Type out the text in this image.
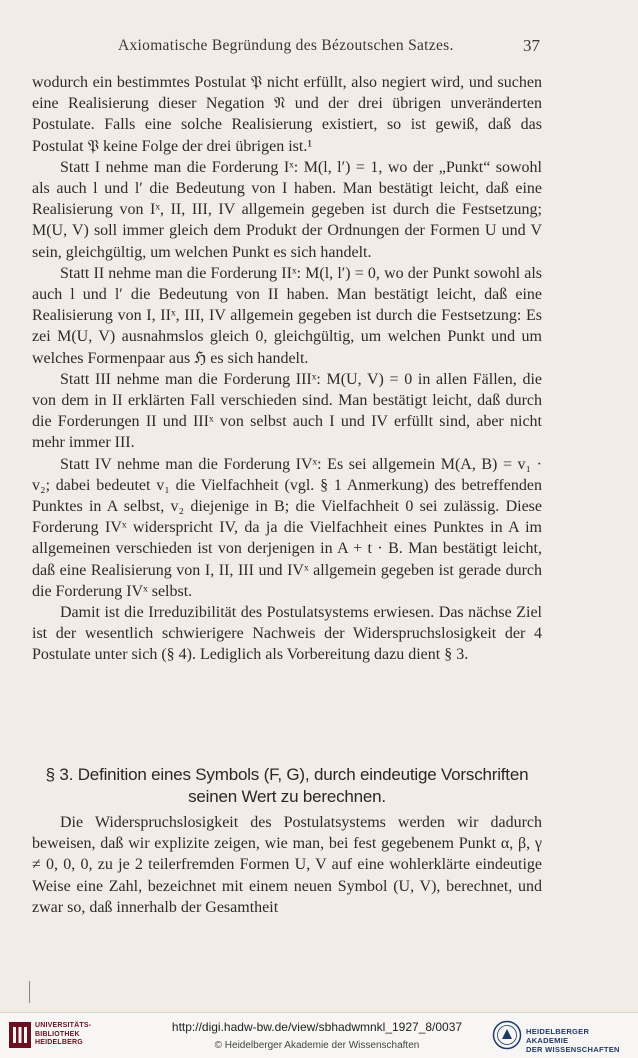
Axiomatische Begründung des Bézoutschen Satzes.	37

wodurch ein bestimmtes Postulat 𝔓 nicht erfüllt, also negiert wird, und suchen eine Realisierung dieser Negation 𝔑 und der drei übrigen unveränderten Postulate. Falls eine solche Realisierung existiert, so ist gewiß, daß das Postulat 𝔓 keine Folge der drei übrigen ist.¹

Statt I nehme man die Forderung Iˣ: M(l, l′) = 1, wo der „Punkt“ sowohl als auch l und l′ die Bedeutung von I haben. Man bestätigt leicht, daß eine Realisierung von Iˣ, II, III, IV allgemein gegeben ist durch die Festsetzung; M(U, V) soll immer gleich dem Produkt der Ordnungen der Formen U und V sein, gleichgültig, um welchen Punkt es sich handelt.

Statt II nehme man die Forderung IIˣ: M(l, l′) = 0, wo der Punkt sowohl als auch l und l′ die Bedeutung von II haben. Man bestätigt leicht, daß eine Realisierung von I, IIˣ, III, IV allgemein gegeben ist durch die Festsetzung: Es zei M(U, V) ausnahmslos gleich 0, gleichgültig, um welchen Punkt und um welches Formenpaar aus ℌ es sich handelt.

Statt III nehme man die Forderung IIIˣ: M(U, V) = 0 in allen Fällen, die von dem in II erklärten Fall verschieden sind. Man bestätigt leicht, daß durch die Forderungen II und IIIˣ von selbst auch I und IV erfüllt sind, aber nicht mehr immer III.

Statt IV nehme man die Forderung IVˣ: Es sei allgemein M(A, B) = v₁ · v₂; dabei bedeutet v₁ die Vielfachheit (vgl. § 1 Anmerkung) des betreffenden Punktes in A selbst, v₂ diejenige in B; die Vielfachheit 0 sei zulässig. Diese Forderung IVˣ widerspricht IV, da ja die Vielfachheit eines Punktes in A im allgemeinen verschieden ist von derjenigen in A + t · B. Man bestätigt leicht, daß eine Realisierung von I, II, III und IVˣ allgemein gegeben ist gerade durch die Forderung IVˣ selbst.

Damit ist die Irreduzibilität des Postulatsystems erwiesen. Das nächse Ziel ist der wesentlich schwierigere Nachweis der Widerspruchslosigkeit der 4 Postulate unter sich (§ 4). Lediglich als Vorbereitung dazu dient § 3.

§ 3. Definition eines Symbols (F, G), durch eindeutige Vorschriften
seinen Wert zu berechnen.

Die Widerspruchslosigkeit des Postulatsystems werden wir dadurch beweisen, daß wir explizite zeigen, wie man, bei fest gegebenem Punkt α, β, γ ≠ 0, 0, 0, zu je 2 teilerfremden Formen U, V auf eine wohlerklärte eindeutige Weise eine Zahl, bezeichnet mit einem neuen Symbol (U, V), berechnet, und zwar so, daß innerhalb der Gesamtheit

UNIVERSITÄTS-
BIBLIOTHEK
HEIDELBERG
http://digi.hadw-bw.de/view/sbhadwmnkl_1927_8/0037
© Heidelberger Akademie der Wissenschaften
HEIDELBERGER AKADEMIE
DER WISSENSCHAFTEN
